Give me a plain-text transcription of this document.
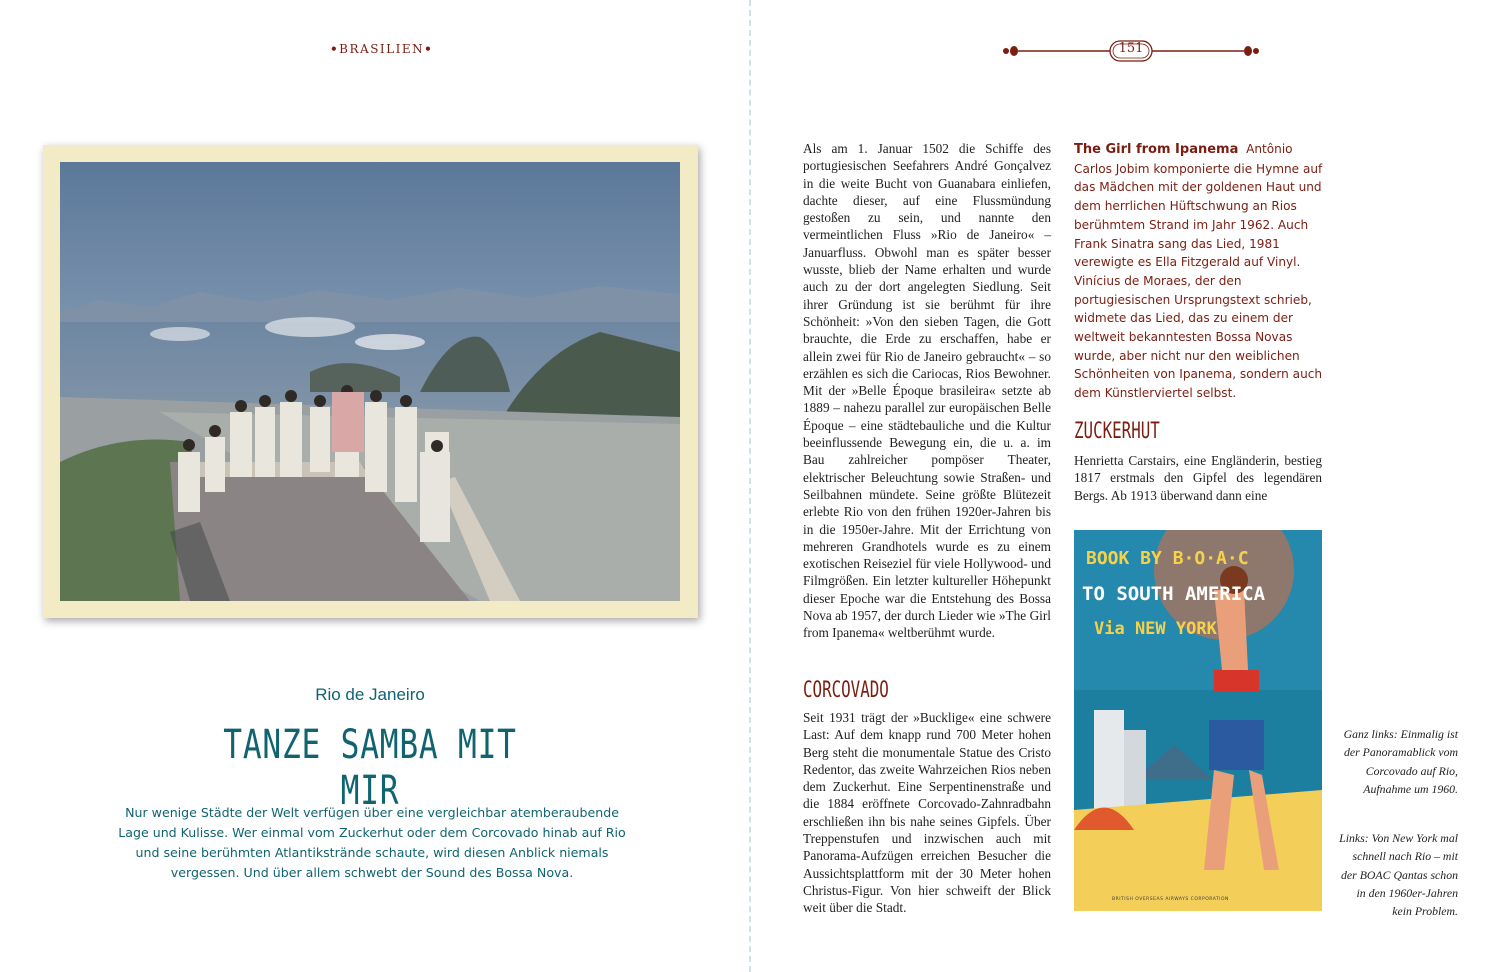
•BRASILIEN•	151
Rio de Janeiro
TANZE SAMBA MIT MIR
Nur wenige Städte der Welt verfügen über eine vergleichbar atemberaubende Lage und Kulisse. Wer einmal vom Zuckerhut oder dem Corcovado hinab auf Rio und seine berühmten Atlantikstrände schaute, wird diesen Anblick niemals vergessen. Und über allem schwebt der Sound des Bossa Nova.
Als am 1. Januar 1502 die Schiffe des portugiesischen Seefahrers André Gonçalvez in die weite Bucht von Guanabara einliefen, dachte dieser, auf eine Flussmündung gestoßen zu sein, und nannte den vermeintlichen Fluss »Rio de Janeiro« – Januarfluss. Obwohl man es später besser wusste, blieb der Name erhalten und wurde auch zu der dort angelegten Siedlung. Seit ihrer Gründung ist sie berühmt für ihre Schönheit: »Von den sieben Tagen, die Gott brauchte, die Erde zu erschaffen, habe er allein zwei für Rio de Janeiro gebraucht« – so erzählen es sich die Cariocas, Rios Bewohner. Mit der »Belle Époque brasileira« setzte ab 1889 – nahezu parallel zur europäischen Belle Époque – eine städtebauliche und die Kultur beeinflussende Bewegung ein, die u. a. im Bau zahlreicher pompöser Theater, elektrischer Beleuchtung sowie Straßen- und Seilbahnen mündete. Seine größte Blütezeit erlebte Rio von den frühen 1920er-Jahren bis in die 1950er-Jahre. Mit der Errichtung von mehreren Grandhotels wurde es zu einem exotischen Reiseziel für viele Hollywood- und Filmgrößen. Ein letzter kultureller Höhepunkt dieser Epoche war die Entstehung des Bossa Nova ab 1957, der durch Lieder wie »The Girl from Ipanema« weltberühmt wurde.
CORCOVADO
Seit 1931 trägt der »Bucklige« eine schwere Last: Auf dem knapp rund 700 Meter hohen Berg steht die monumentale Statue des Cristo Redentor, das zweite Wahrzeichen Rios neben dem Zuckerhut. Eine Serpentinenstraße und die 1884 eröffnete Corcovado-Zahnradbahn erschließen ihn bis nahe seines Gipfels. Über Treppenstufen und inzwischen auch mit Panorama-Aufzügen erreichen Besucher die Aussichtsplattform mit der 30 Meter hohen Christus-Figur. Von hier schweift der Blick weit über die Stadt.
The Girl from Ipanema Antônio Carlos Jobim komponierte die Hymne auf das Mädchen mit der goldenen Haut und dem herrlichen Hüftschwung an Rios berühmtem Strand im Jahr 1962. Auch Frank Sinatra sang das Lied, 1981 verewigte es Ella Fitzgerald auf Vinyl. Vinícius de Moraes, der den portugiesischen Ursprungstext schrieb, widmete das Lied, das zu einem der weltweit bekanntesten Bossa Novas wurde, aber nicht nur den weiblichen Schönheiten von Ipanema, sondern auch dem Künstlerviertel selbst.
ZUCKERHUT
Henrietta Carstairs, eine Engländerin, bestieg 1817 erstmals den Gipfel des legendären Bergs. Ab 1913 überwand dann eine
BOOK BY B·O·A·C
TO SOUTH AMERICA
Via NEW YORK
BRITISH OVERSEAS AIRWAYS CORPORATION
Ganz links: Einmalig ist der Panoramablick vom Corcovado auf Rio, Aufnahme um 1960.
Links: Von New York mal schnell nach Rio – mit der BOAC Qantas schon in den 1960er-Jahren kein Problem.
